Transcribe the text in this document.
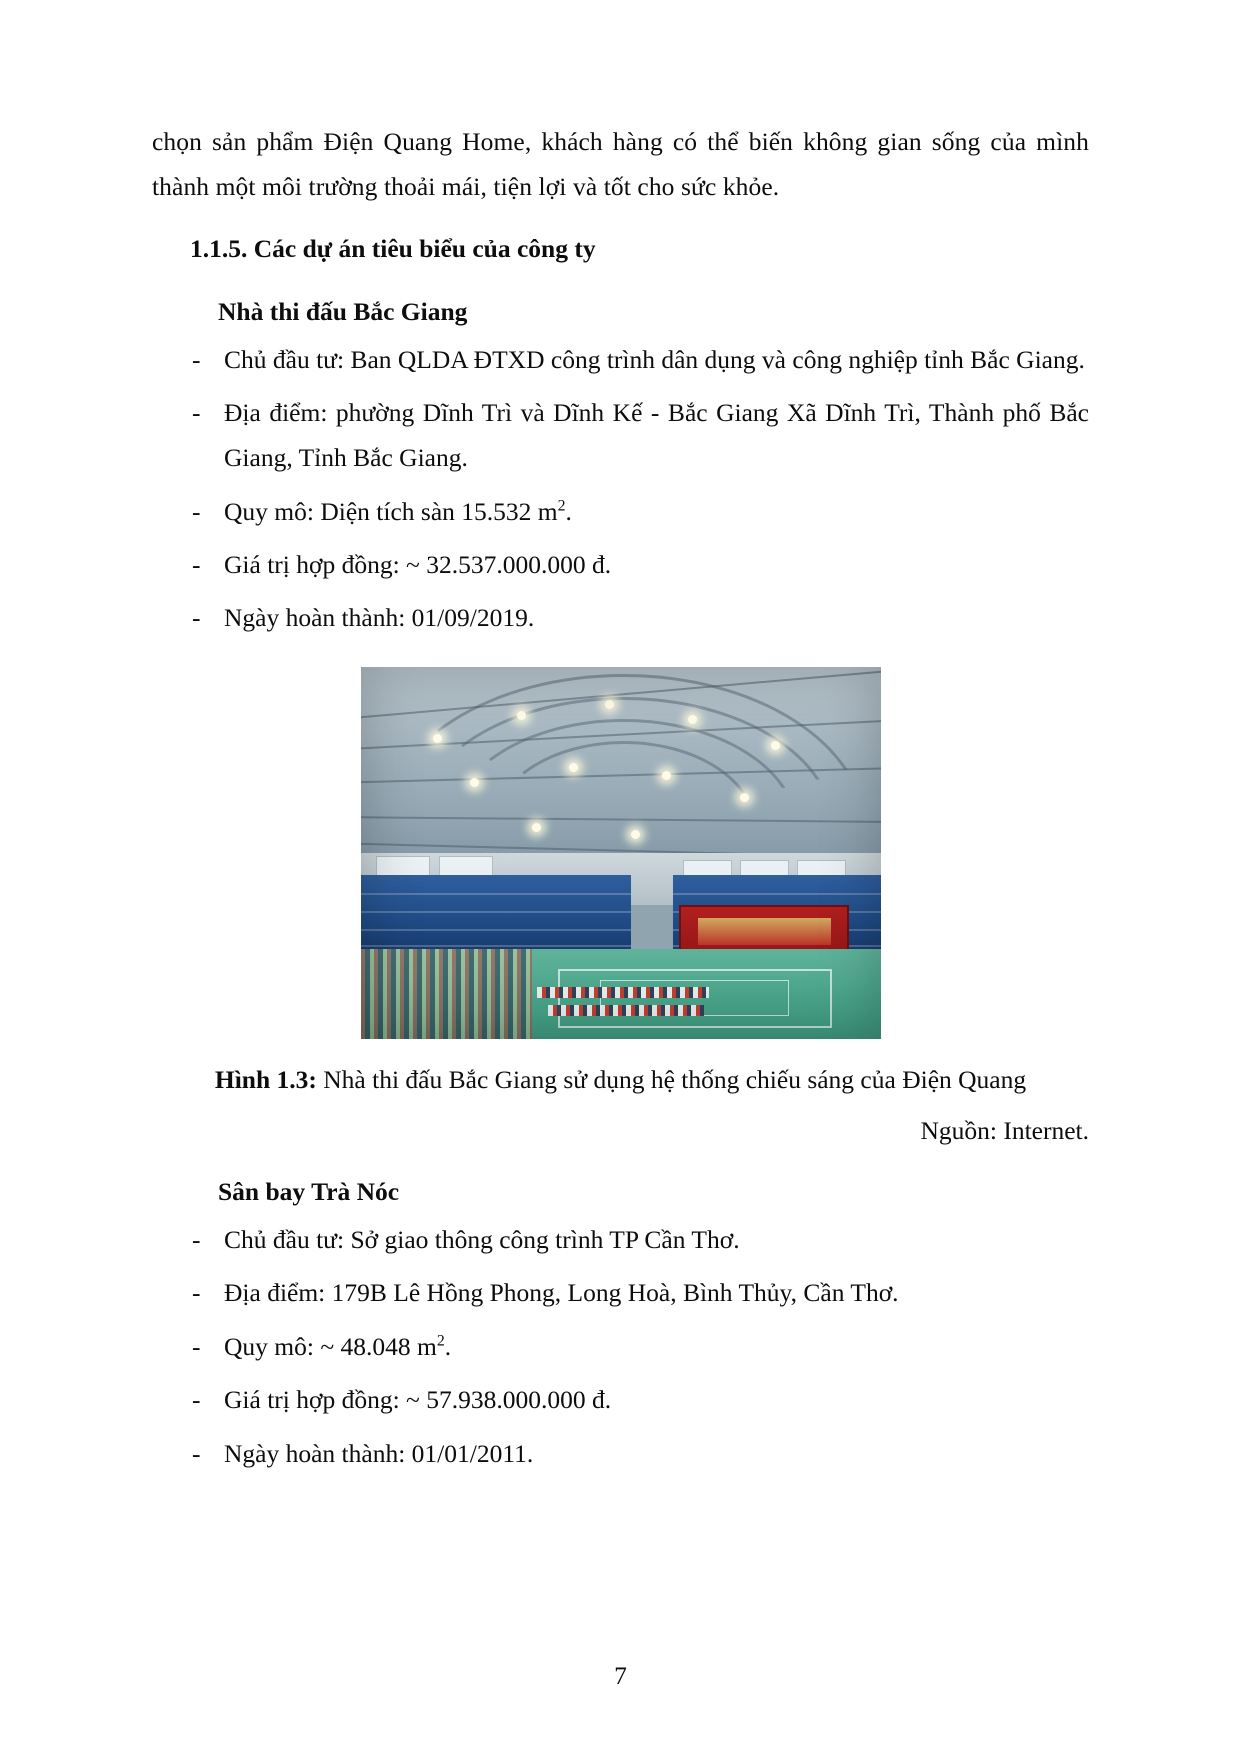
chọn sản phẩm Điện Quang Home, khách hàng có thể biến không gian sống của mình thành một môi trường thoải mái, tiện lợi và tốt cho sức khỏe.

1.1.5. Các dự án tiêu biểu của công ty
Nhà thi đấu Bắc Giang
- Chủ đầu tư: Ban QLDA ĐTXD công trình dân dụng và công nghiệp tỉnh Bắc Giang.
- Địa điểm: phường Dĩnh Trì và Dĩnh Kế - Bắc Giang Xã Dĩnh Trì, Thành phố Bắc Giang, Tỉnh Bắc Giang.
- Quy mô: Diện tích sàn 15.532 $m^2$.
- Giá trị hợp đồng: ~ 32.537.000.000 đ.
- Ngày hoàn thành: 01/09/2019.

Hình 1.3: Nhà thi đấu Bắc Giang sử dụng hệ thống chiếu sáng của Điện Quang

Nguồn: Internet.

Sân bay Trà Nóc
- Chủ đầu tư: Sở giao thông công trình TP Cần Thơ.
- Địa điểm: 179B Lê Hồng Phong, Long Hoà, Bình Thủy, Cần Thơ.
- Quy mô: ~ 48.048 $m^2$.
- Giá trị hợp đồng: ~ 57.938.000.000 đ.
- Ngày hoàn thành: 01/01/2011.
7
